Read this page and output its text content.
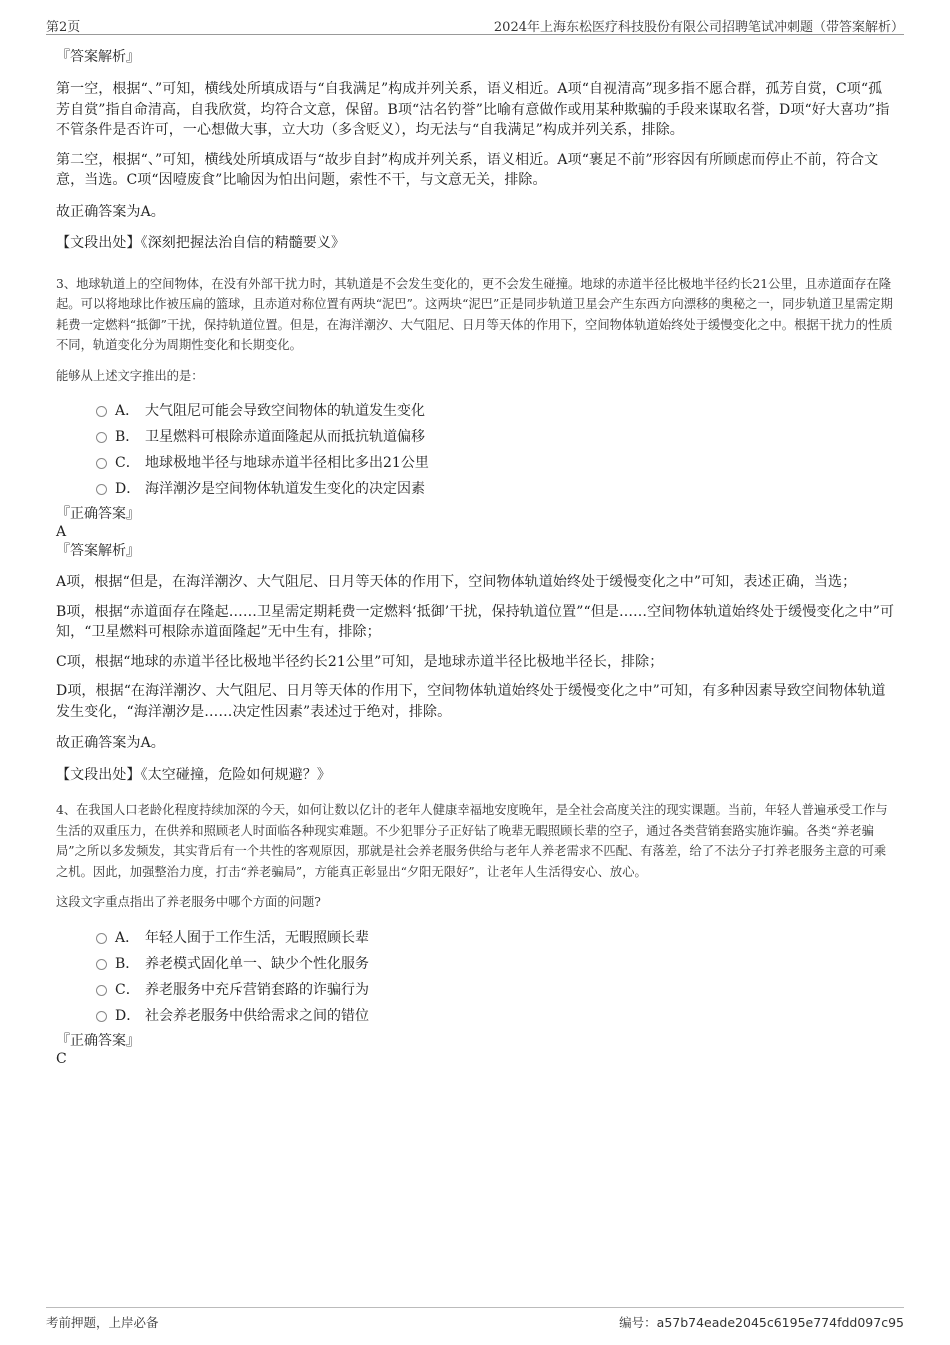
第2页	2024年上海东松医疗科技股份有限公司招聘笔试冲刺题（带答案解析）

『答案解析』

第一空，根据“、”可知，横线处所填成语与“自我满足”构成并列关系，语义相近。A项“自视清高”现多指不愿合群，孤芳自赏，C项“孤芳自赏”指自命清高，自我欣赏，均符合文意，保留。B项“沽名钓誉”比喻有意做作或用某种欺骗的手段来谋取名誉，D项“好大喜功”指不管条件是否许可，一心想做大事，立大功（多含贬义），均无法与“自我满足”构成并列关系，排除。

第二空，根据“、”可知，横线处所填成语与“故步自封”构成并列关系，语义相近。A项“裹足不前”形容因有所顾虑而停止不前，符合文意，当选。C项“因噎废食”比喻因为怕出问题，索性不干，与文意无关，排除。

故正确答案为A。

【文段出处】《深刻把握法治自信的精髓要义》

3、地球轨道上的空间物体，在没有外部干扰力时，其轨道是不会发生变化的，更不会发生碰撞。地球的赤道半径比极地半径约长21公里，且赤道面存在隆起。可以将地球比作被压扁的篮球，且赤道对称位置有两块“泥巴”。这两块“泥巴”正是同步轨道卫星会产生东西方向漂移的奥秘之一，同步轨道卫星需定期耗费一定燃料“抵御”干扰，保持轨道位置。但是，在海洋潮汐、大气阻尼、日月等天体的作用下，空间物体轨道始终处于缓慢变化之中。根据干扰力的性质不同，轨道变化分为周期性变化和长期变化。

能够从上述文字推出的是：

A． 大气阻尼可能会导致空间物体的轨道发生变化
B． 卫星燃料可根除赤道面隆起从而抵抗轨道偏移
C． 地球极地半径与地球赤道半径相比多出21公里
D． 海洋潮汐是空间物体轨道发生变化的决定因素

『正确答案』

A

『答案解析』

A项，根据“但是，在海洋潮汐、大气阻尼、日月等天体的作用下，空间物体轨道始终处于缓慢变化之中”可知，表述正确，当选；

B项，根据“赤道面存在隆起……卫星需定期耗费一定燃料‘抵御’干扰，保持轨道位置”“但是……空间物体轨道始终处于缓慢变化之中”可知，“卫星燃料可根除赤道面隆起”无中生有，排除；

C项，根据“地球的赤道半径比极地半径约长21公里”可知，是地球赤道半径比极地半径长，排除；

D项，根据“在海洋潮汐、大气阻尼、日月等天体的作用下，空间物体轨道始终处于缓慢变化之中”可知，有多种因素导致空间物体轨道发生变化，“海洋潮汐是……决定性因素”表述过于绝对，排除。

故正确答案为A。

【文段出处】《太空碰撞，危险如何规避？》

4、在我国人口老龄化程度持续加深的今天，如何让数以亿计的老年人健康幸福地安度晚年，是全社会高度关注的现实课题。当前，年轻人普遍承受工作与生活的双重压力，在供养和照顾老人时面临各种现实难题。不少犯罪分子正好钻了晚辈无暇照顾长辈的空子，通过各类营销套路实施诈骗。各类“养老骗局”之所以多发频发，其实背后有一个共性的客观原因，那就是社会养老服务供给与老年人养老需求不匹配、有落差，给了不法分子打养老服务主意的可乘之机。因此，加强整治力度，打击“养老骗局”，方能真正彰显出“夕阳无限好”，让老年人生活得安心、放心。

这段文字重点指出了养老服务中哪个方面的问题?

A． 年轻人囿于工作生活，无暇照顾长辈
B． 养老模式固化单一、缺少个性化服务
C． 养老服务中充斥营销套路的诈骗行为
D． 社会养老服务中供给需求之间的错位

『正确答案』

C

考前押题，上岸必备	编号：a57b74eade2045c6195e774fdd097c95
